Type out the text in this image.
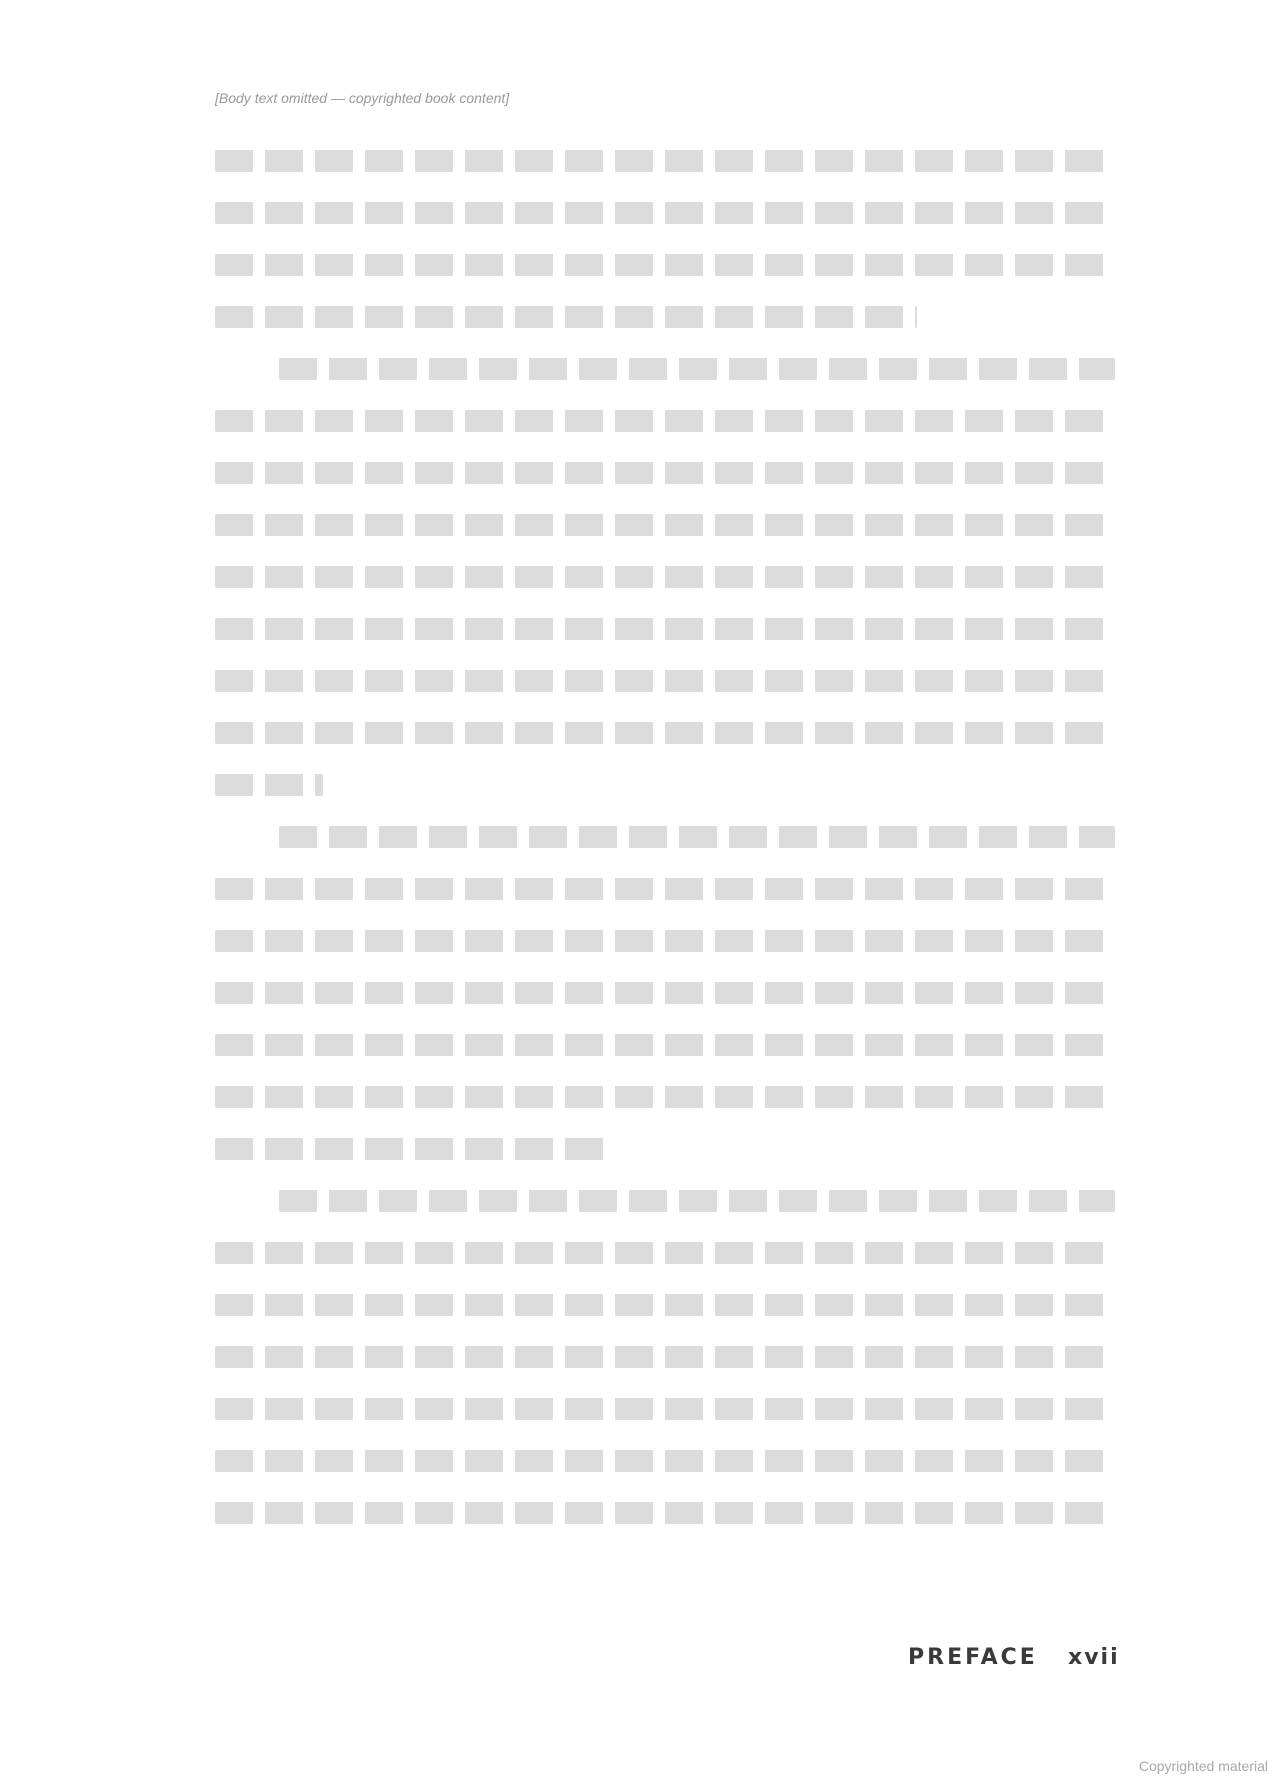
[Body text omitted — copyrighted book content]
PREFACE xvii
Copyrighted material
